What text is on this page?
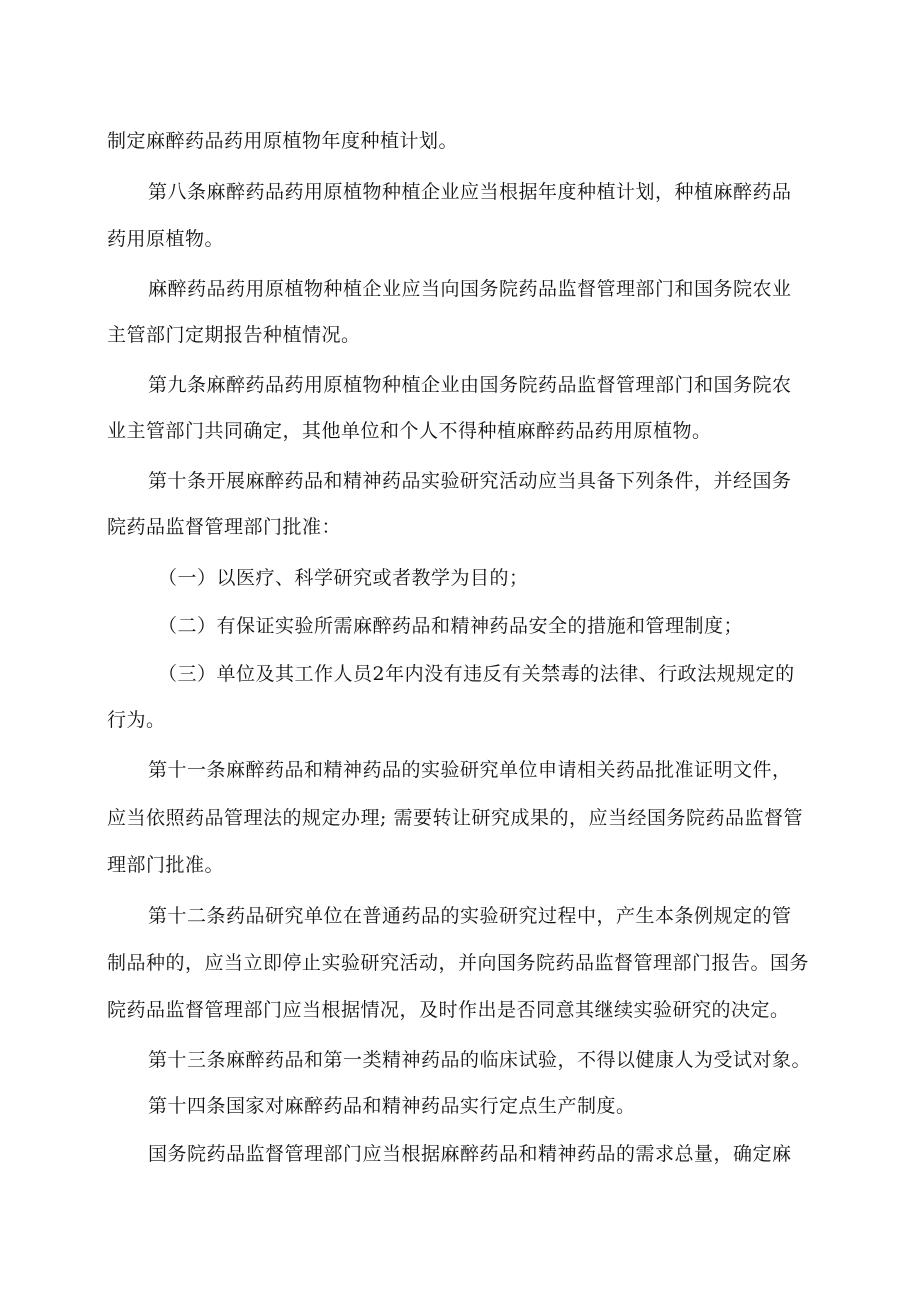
制定麻醉药品药用原植物年度种植计划。
第八条麻醉药品药用原植物种植企业应当根据年度种植计划，种植麻醉药品
药用原植物。
麻醉药品药用原植物种植企业应当向国务院药品监督管理部门和国务院农业
主管部门定期报告种植情况。
第九条麻醉药品药用原植物种植企业由国务院药品监督管理部门和国务院农
业主管部门共同确定，其他单位和个人不得种植麻醉药品药用原植物。
第十条开展麻醉药品和精神药品实验研究活动应当具备下列条件，并经国务
院药品监督管理部门批准：
（一）以医疗、科学研究或者教学为目的；
（二）有保证实验所需麻醉药品和精神药品安全的措施和管理制度；
（三）单位及其工作人员2年内没有违反有关禁毒的法律、行政法规规定的
行为。
第十一条麻醉药品和精神药品的实验研究单位申请相关药品批准证明文件，
应当依照药品管理法的规定办理; 需要转让研究成果的，应当经国务院药品监督管
理部门批准。
第十二条药品研究单位在普通药品的实验研究过程中，产生本条例规定的管
制品种的，应当立即停止实验研究活动，并向国务院药品监督管理部门报告。国务
院药品监督管理部门应当根据情况，及时作出是否同意其继续实验研究的决定。
第十三条麻醉药品和第一类精神药品的临床试验，不得以健康人为受试对象。
第十四条国家对麻醉药品和精神药品实行定点生产制度。
国务院药品监督管理部门应当根据麻醉药品和精神药品的需求总量，确定麻
